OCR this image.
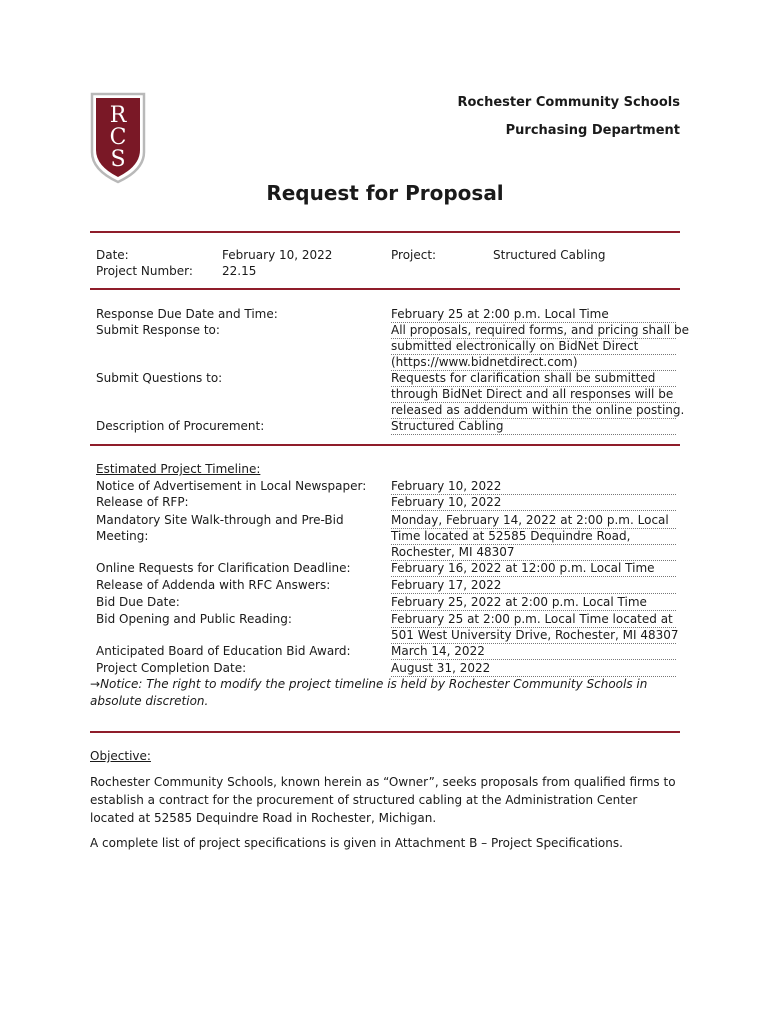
R
C
S
Rochester Community Schools
Purchasing Department
Request for Proposal
Date:	February 10, 2022
Project Number: 22.15
Project:	Structured Cabling
Response Due Date and Time:	February 25 at 2:00 p.m. Local Time
Submit Response to:	All proposals, required forms, and pricing shall be
submitted electronically on BidNet Direct
(https://www.bidnetdirect.com)
Submit Questions to:	Requests for clarification shall be submitted
through BidNet Direct and all responses will be
released as addendum within the online posting.
Description of Procurement:	Structured Cabling
Estimated Project Timeline:
Notice of Advertisement in Local Newspaper: February 10, 2022
Release of RFP:	February 10, 2022
Mandatory Site Walk-through and Pre-Bid
Meeting:
Monday, February 14, 2022 at 2:00 p.m. Local
Time located at 52585 Dequindre Road,
Rochester, MI 48307
Online Requests for Clarification Deadline:	February 16, 2022 at 12:00 p.m. Local Time
Release of Addenda with RFC Answers:	February 17, 2022
Bid Due Date:	February 25, 2022 at 2:00 p.m. Local Time
Bid Opening and Public Reading:	February 25 at 2:00 p.m. Local Time located at
501 West University Drive, Rochester, MI 48307
Anticipated Board of Education Bid Award:	March 14, 2022
Project Completion Date:	August 31, 2022
→Notice: The right to modify the project timeline is held by Rochester Community Schools in absolute discretion.
Objective:
Rochester Community Schools, known herein as “Owner”, seeks proposals from qualified firms to establish a contract for the procurement of structured cabling at the Administration Center located at 52585 Dequindre Road in Rochester, Michigan.
A complete list of project specifications is given in Attachment B – Project Specifications.
